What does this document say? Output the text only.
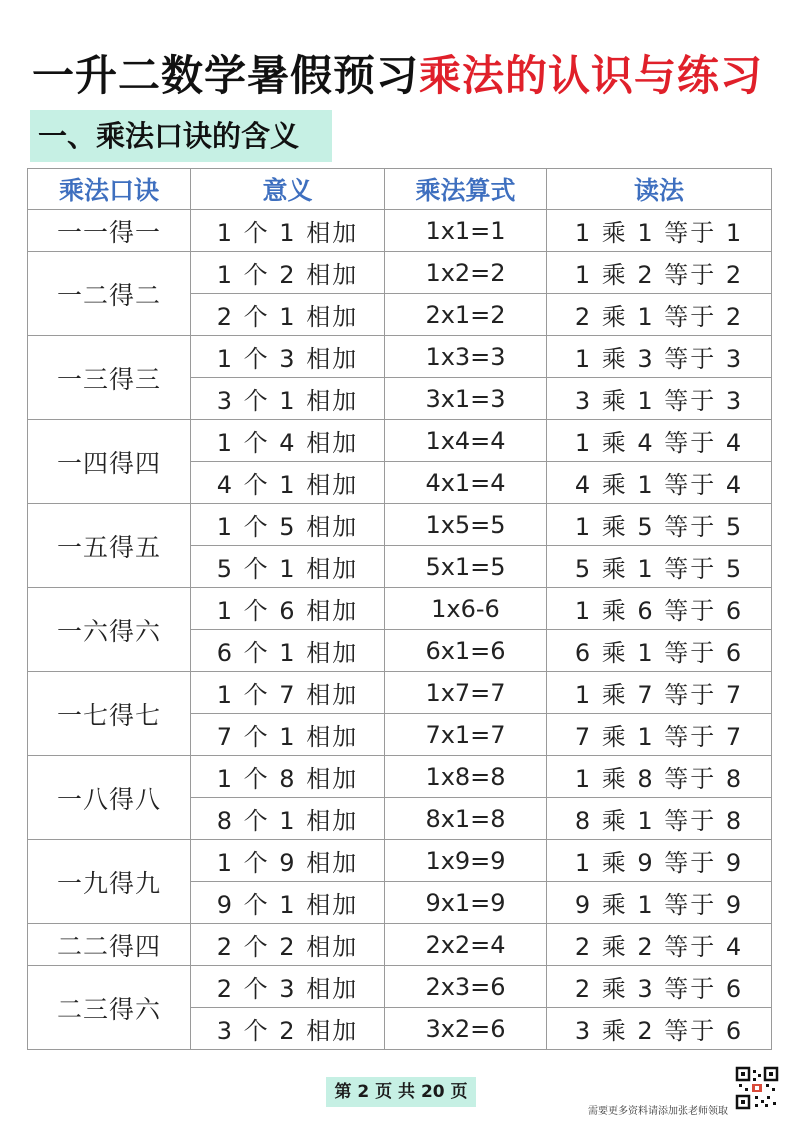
一升二数学暑假预习乘法的认识与练习
一、乘法口诀的含义
乘法口诀	意义	乘法算式	读法
一一得一	1 个 1 相加	1x1=1	1 乘 1 等于 1
一二得二	1 个 2 相加	1x2=2	1 乘 2 等于 2
	2 个 1 相加	2x1=2	2 乘 1 等于 2
一三得三	1 个 3 相加	1x3=3	1 乘 3 等于 3
	3 个 1 相加	3x1=3	3 乘 1 等于 3
一四得四	1 个 4 相加	1x4=4	1 乘 4 等于 4
	4 个 1 相加	4x1=4	4 乘 1 等于 4
一五得五	1 个 5 相加	1x5=5	1 乘 5 等于 5
	5 个 1 相加	5x1=5	5 乘 1 等于 5
一六得六	1 个 6 相加	1x6-6	1 乘 6 等于 6
	6 个 1 相加	6x1=6	6 乘 1 等于 6
一七得七	1 个 7 相加	1x7=7	1 乘 7 等于 7
	7 个 1 相加	7x1=7	7 乘 1 等于 7
一八得八	1 个 8 相加	1x8=8	1 乘 8 等于 8
	8 个 1 相加	8x1=8	8 乘 1 等于 8
一九得九	1 个 9 相加	1x9=9	1 乘 9 等于 9
	9 个 1 相加	9x1=9	9 乘 1 等于 9
二二得四	2 个 2 相加	2x2=4	2 乘 2 等于 4
二三得六	2 个 3 相加	2x3=6	2 乘 3 等于 6
	3 个 2 相加	3x2=6	3 乘 2 等于 6
第 2 页 共 20 页
需要更多资料请添加张老师领取
